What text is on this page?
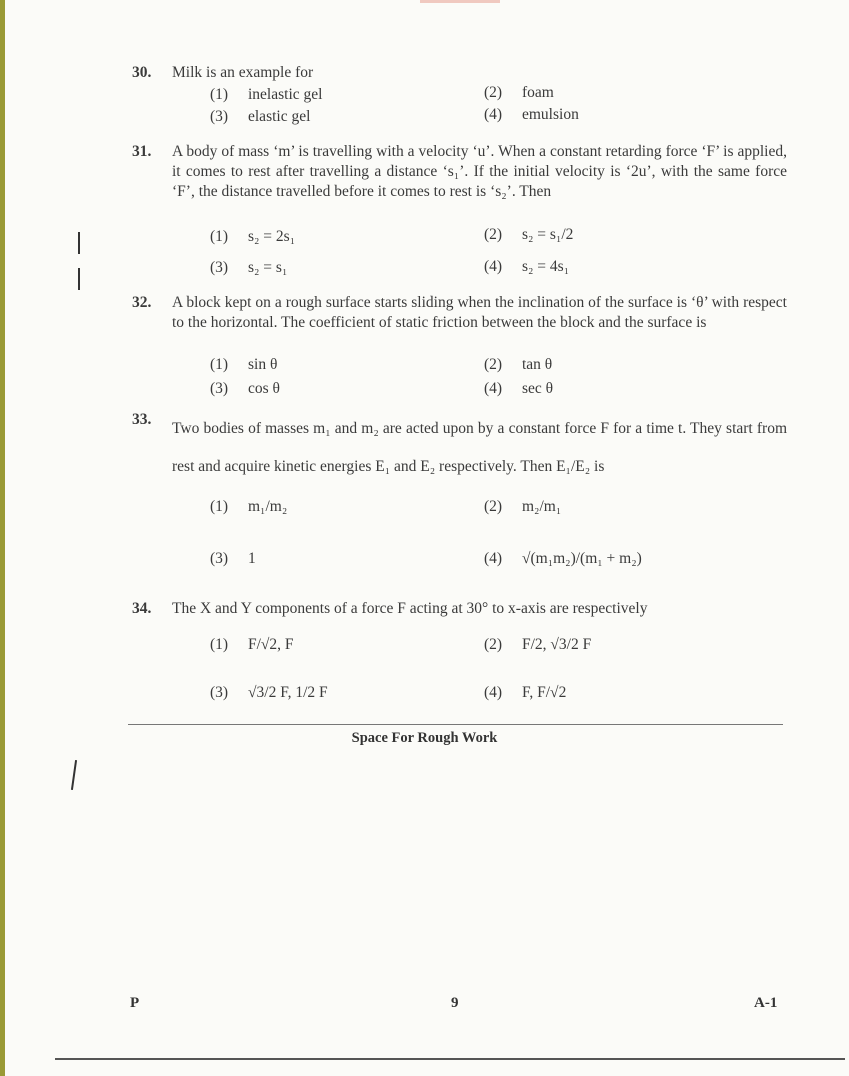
30. Milk is an example for
(1)	inelastic gel	(2)	foam
(3)	elastic gel	(4)	emulsion
31. A body of mass ‘m’ is travelling with a velocity ‘u’. When a constant retarding force ‘F’ is applied, it comes to rest after travelling a distance ‘s₁’. If the initial velocity is ‘2u’, with the same force ‘F’, the distance travelled before it comes to rest is ‘s₂’. Then
(1)	s₂ = 2s₁	(2)	s₂ = s₁/2
(3)	s₂ = s₁	(4)	s₂ = 4s₁
32. A block kept on a rough surface starts sliding when the inclination of the surface is ‘θ’ with respect to the horizontal. The coefficient of static friction between the block and the surface is
(1)	sin θ	(2)	tan θ
(3)	cos θ	(4)	sec θ
33.
Two bodies of masses m₁ and m₂ are acted upon by a constant force F for a time t. They start from rest and acquire kinetic energies E₁ and E₂ respectively. Then E₁/E₂ is
(1)	m₁/m₂	(2)	m₂/m₁
(3)	1	(4)	√(m₁m₂)/(m₁ + m₂)
34. The X and Y components of a force F acting at 30° to x-axis are respectively
(1)	F/√2, F	(2)	F/2, √3/2 F
(3)	√3/2 F, 1/2 F	(4)	F, F/√2
Space For Rough Work
P	9	A-1
